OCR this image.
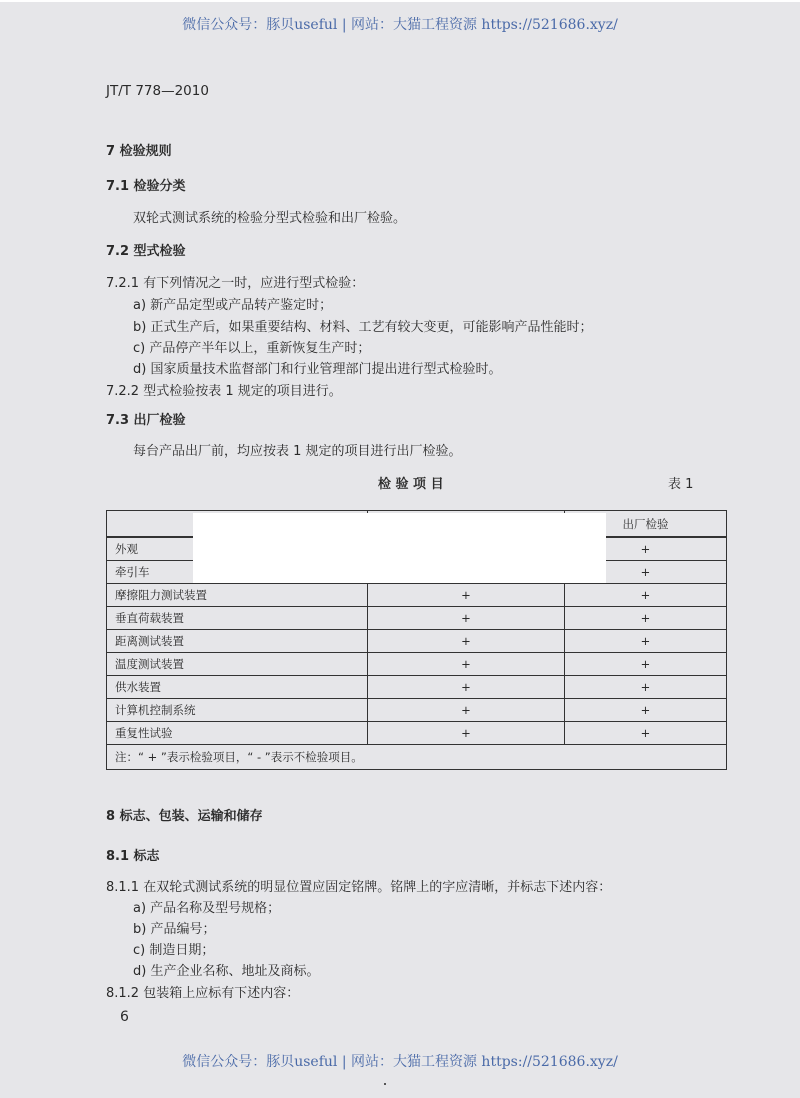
微信公众号：豚贝useful | 网站：大猫工程资源 https://521686.xyz/
JT/T 778—2010
7 检验规则
7.1 检验分类
双轮式测试系统的检验分型式检验和出厂检验。
7.2 型式检验
7.2.1 有下列情况之一时，应进行型式检验：
a) 新产品定型或产品转产鉴定时；
b) 正式生产后，如果重要结构、材料、工艺有较大变更，可能影响产品性能时；
c) 产品停产半年以上，重新恢复生产时；
d) 国家质量技术监督部门和行业管理部门提出进行型式检验时。
7.2.2 型式检验按表 1 规定的项目进行。
7.3 出厂检验
每台产品出厂前，均应按表 1 规定的项目进行出厂检验。
检 验 项 目	表 1
		出厂检验
外观		+
牵引车		+
摩擦阻力测试装置	+	+
垂直荷载装置	+	+
距离测试装置	+	+
温度测试装置	+	+
供水装置	+	+
计算机控制系统	+	+
重复性试验	+	+
注：“ + ”表示检验项目，“ - ”表示不检验项目。		
8 标志、包装、运输和储存
8.1 标志
8.1.1 在双轮式测试系统的明显位置应固定铭牌。铭牌上的字应清晰，并标志下述内容：
a) 产品名称及型号规格；
b) 产品编号；
c) 制造日期；
d) 生产企业名称、地址及商标。
8.1.2 包装箱上应标有下述内容：
6
微信公众号：豚贝useful | 网站：大猫工程资源 https://521686.xyz/
